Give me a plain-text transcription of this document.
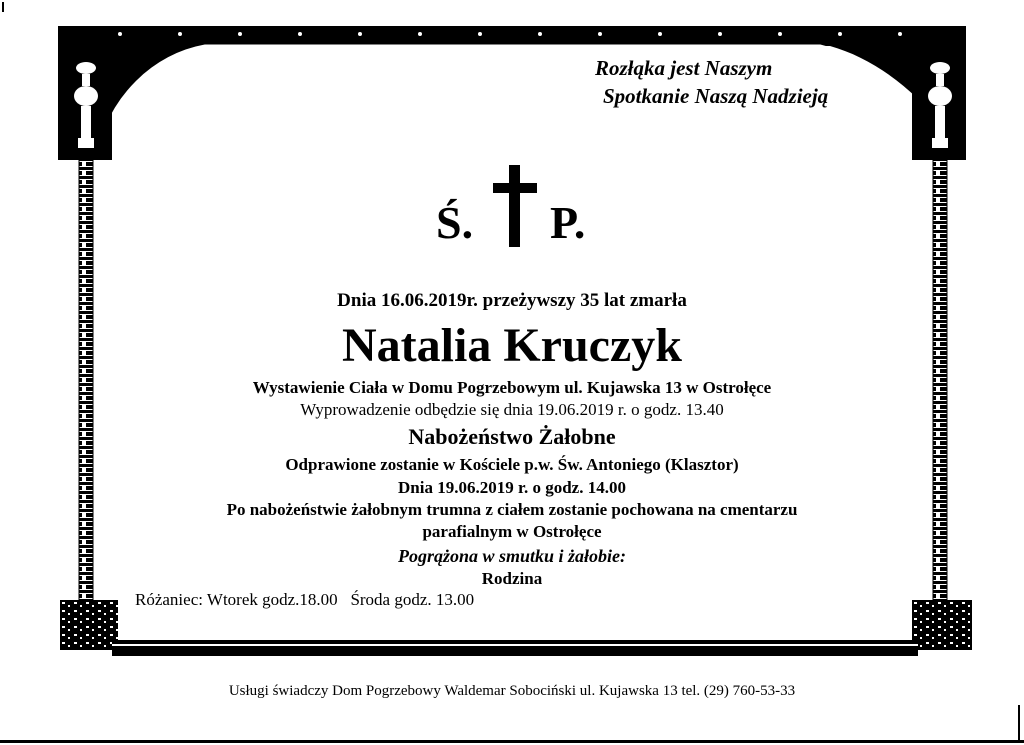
Rozłąka jest Naszym
Spotkanie Naszą Nadzieją
Ś. P.
Dnia 16.06.2019r. przeżywszy 35 lat zmarła
Natalia Kruczyk
Wystawienie Ciała w Domu Pogrzebowym ul. Kujawska 13 w Ostrołęce
Wyprowadzenie odbędzie się dnia 19.06.2019 r. o godz. 13.40
Nabożeństwo Żałobne
Odprawione zostanie w Kościele p.w. Św. Antoniego (Klasztor)
Dnia 19.06.2019 r. o godz. 14.00
Po nabożeństwie żałobnym trumna z ciałem zostanie pochowana na cmentarzu
parafialnym w Ostrołęce
Pogrążona w smutku i żałobie:
Rodzina
Różaniec: Wtorek godz.18.00 Środa godz. 13.00
Usługi świadczy Dom Pogrzebowy Waldemar Sobociński ul. Kujawska 13 tel. (29) 760-53-33
